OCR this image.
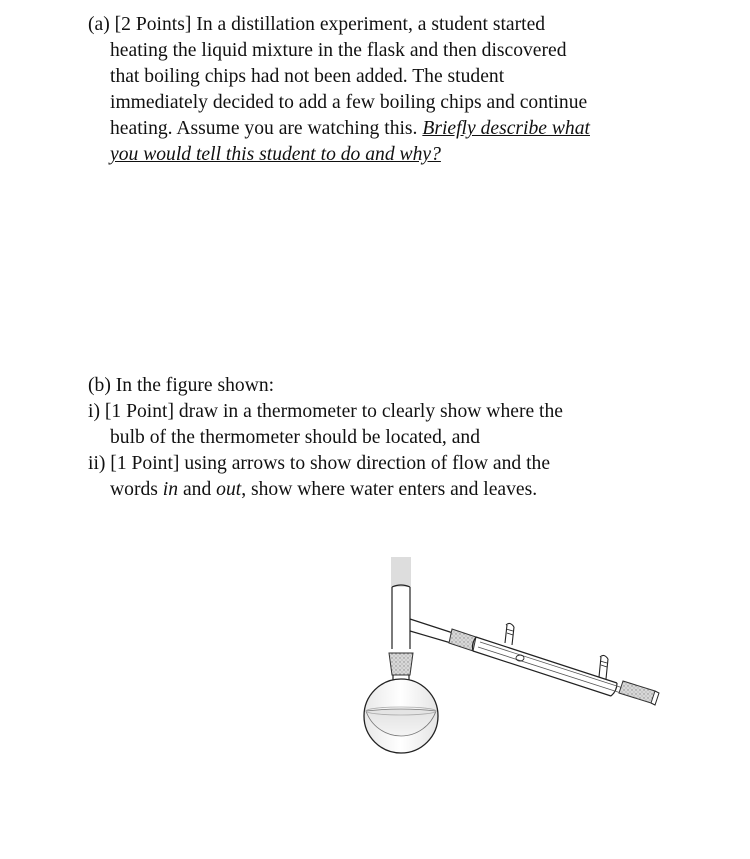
(a) [2 Points] In a distillation experiment, a student started
heating the liquid mixture in the flask and then discovered
that boiling chips had not been added. The student
immediately decided to add a few boiling chips and continue
heating. Assume you are watching this. Briefly describe what
you would tell this student to do and why?
(b) In the figure shown:
i) [1 Point] draw in a thermometer to clearly show where the
bulb of the thermometer should be located, and
ii) [1 Point] using arrows to show direction of flow and the
words in and out, show where water enters and leaves.
